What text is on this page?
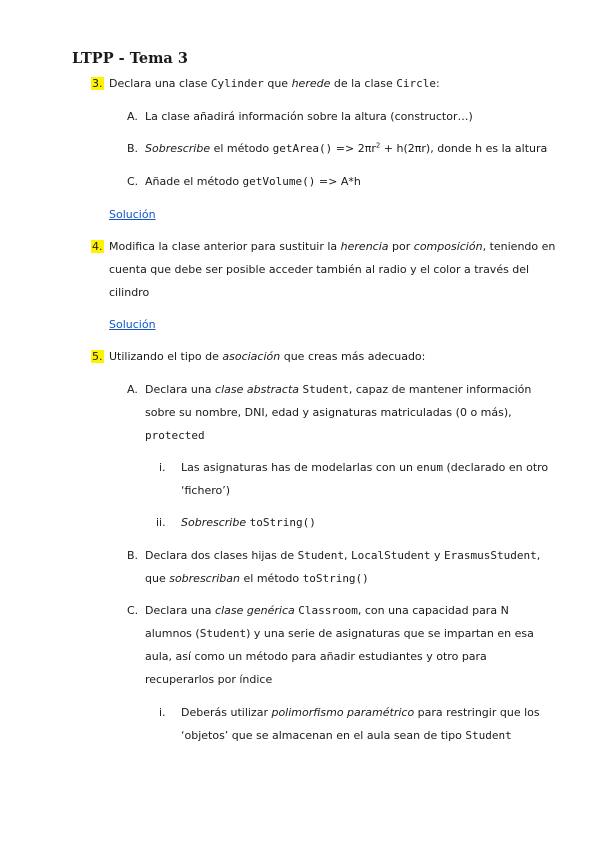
LTPP - Tema 3
3. Declara una clase Cylinder que herede de la clase Circle:
A. La clase añadirá información sobre la altura (constructor…)
B. Sobrescribe el método getArea() => $2\pi r^2 + h(2\pi r)$, donde h es la altura
C. Añade el método getVolume() => A*h
Solución
4. Modifica la clase anterior para sustituir la herencia por composición, teniendo en
cuenta que debe ser posible acceder también al radio y el color a través del
cilindro
Solución
5. Utilizando el tipo de asociación que creas más adecuado:
A. Declara una clase abstracta Student, capaz de mantener información
sobre su nombre, DNI, edad y asignaturas matriculadas (0 o más),
protected
i. Las asignaturas has de modelarlas con un enum (declarado en otro
‘fichero’)
ii. Sobrescribe toString()
B. Declara dos clases hijas de Student, LocalStudent y ErasmusStudent,
que sobrescriban el método toString()
C. Declara una clase genérica Classroom, con una capacidad para N
alumnos (Student) y una serie de asignaturas que se impartan en esa
aula, así como un método para añadir estudiantes y otro para
recuperarlos por índice
i. Deberás utilizar polimorfismo paramétrico para restringir que los
‘objetos’ que se almacenan en el aula sean de tipo Student
